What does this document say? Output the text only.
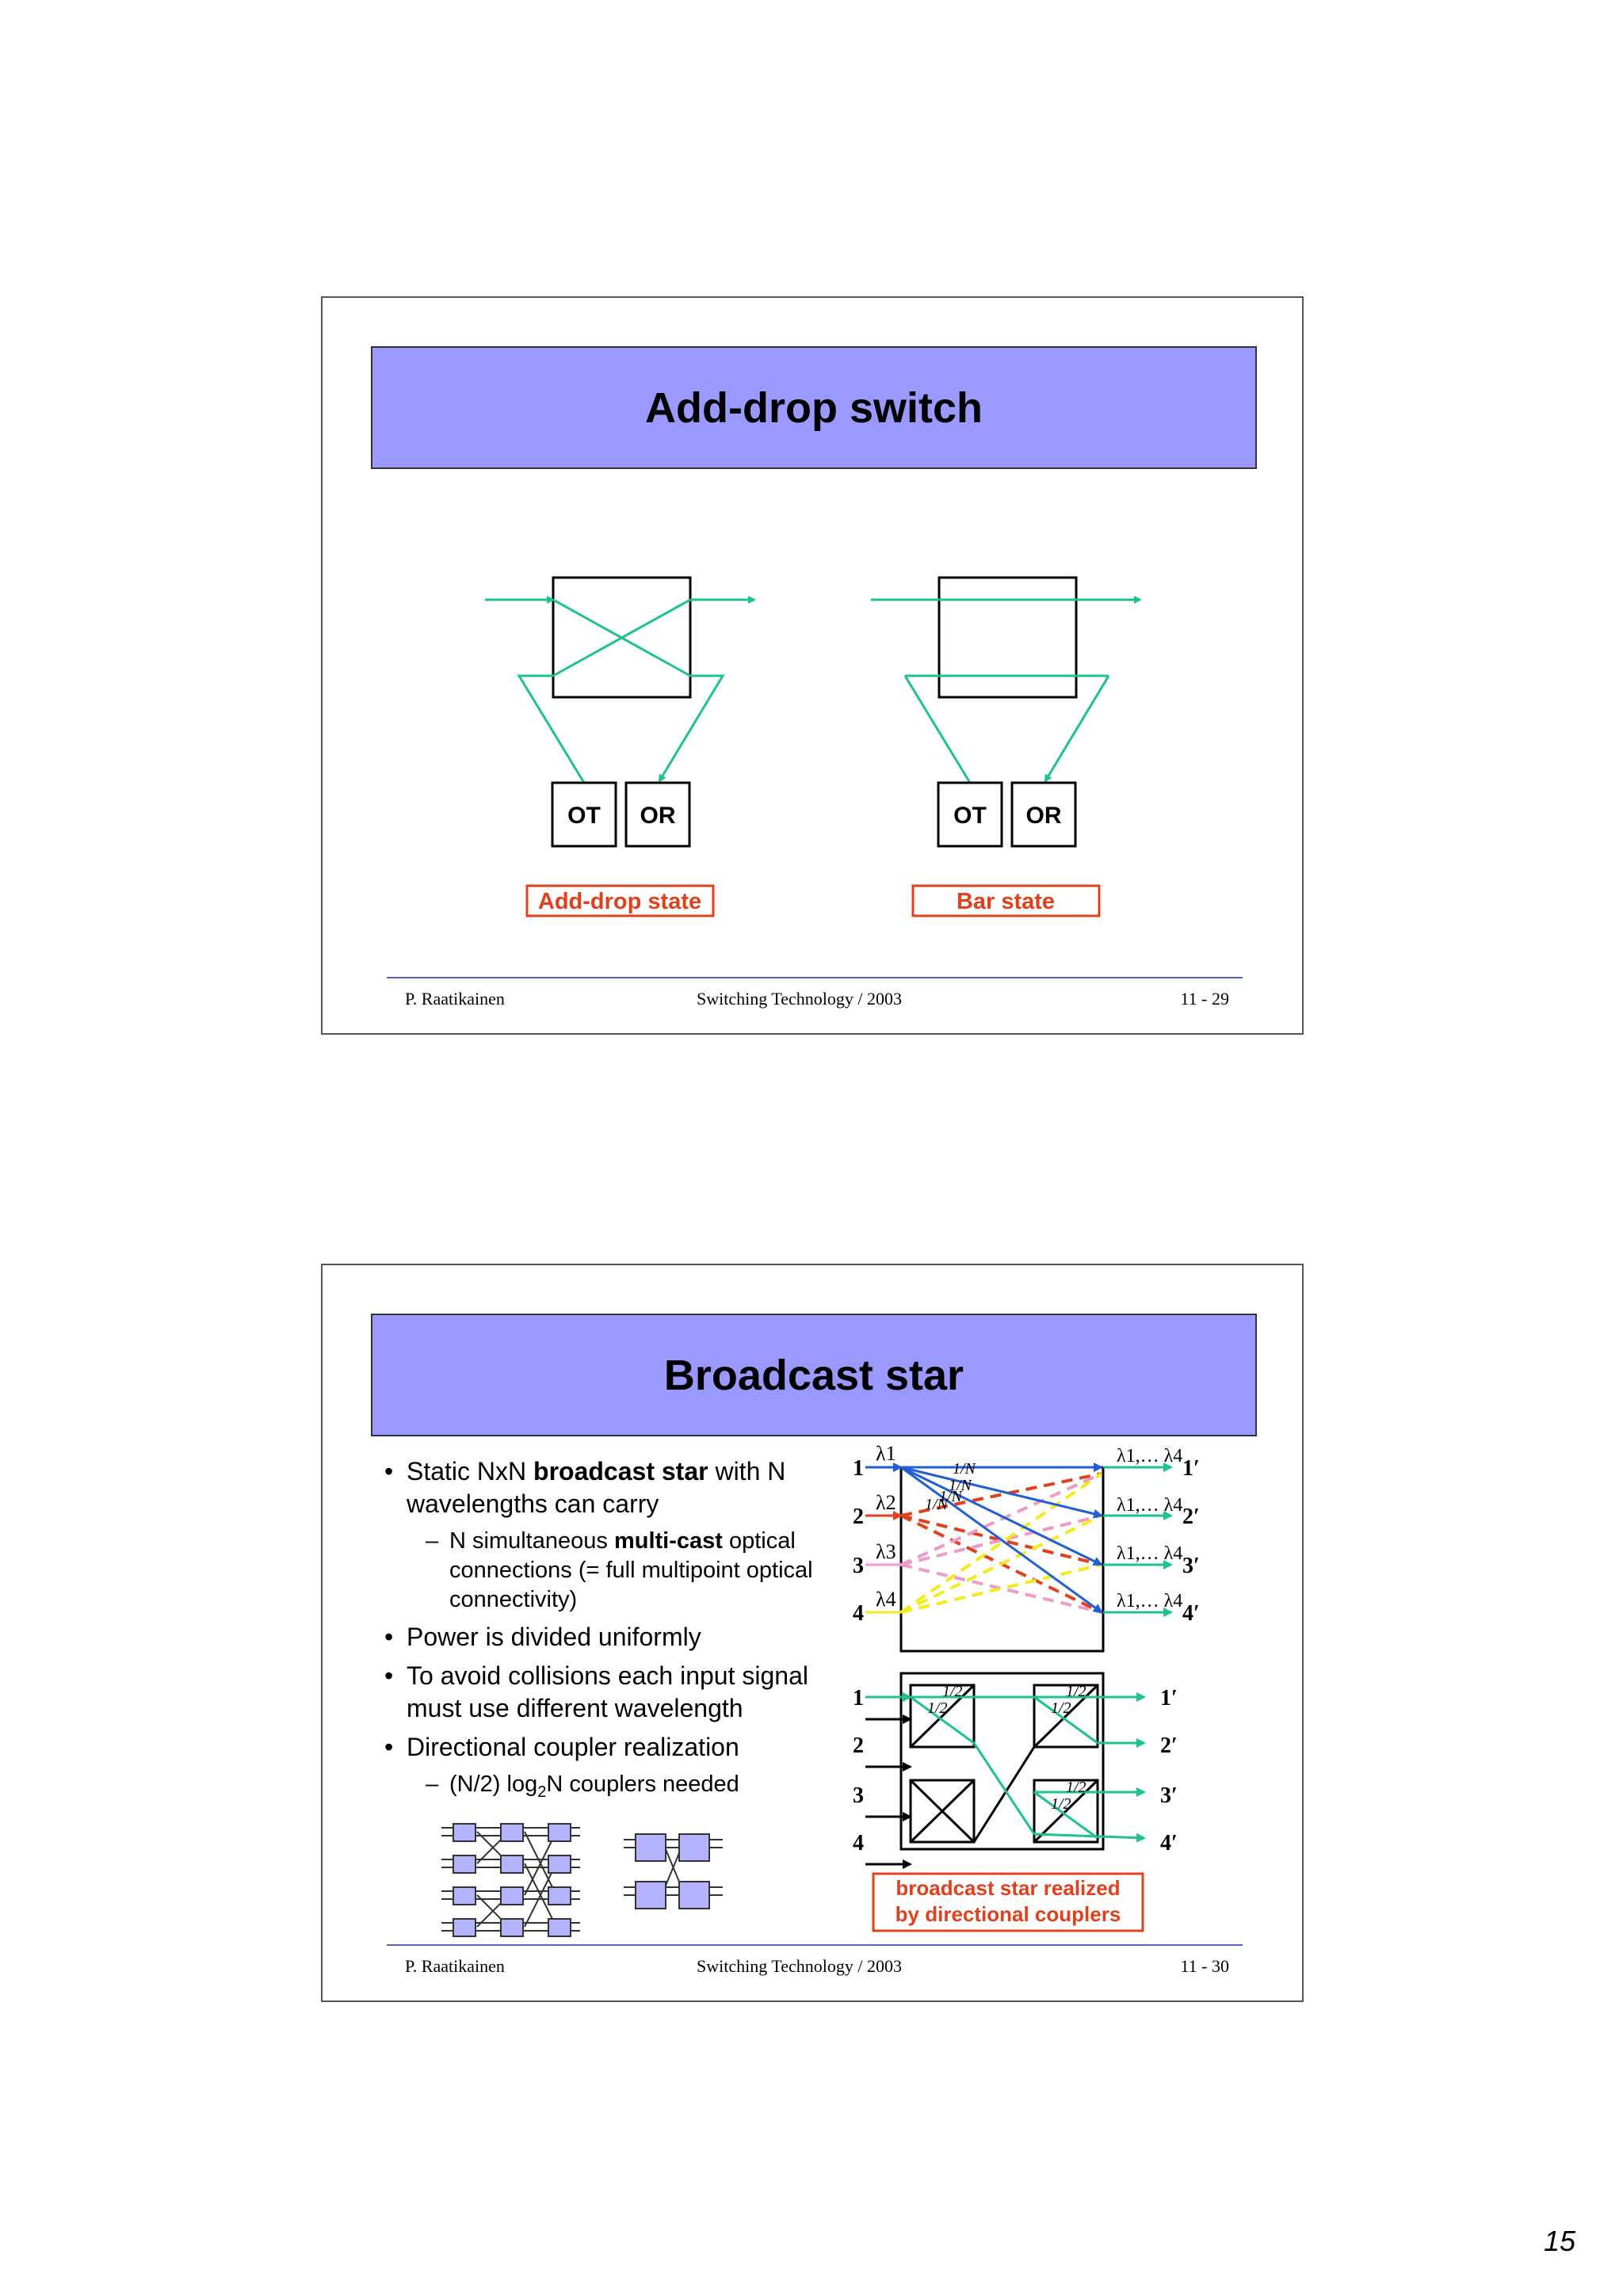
Add-drop switch
OT OR
Add-drop state
OT OR
Bar state
P. Raatikainen	Switching Technology / 2003	11 - 29
Broadcast star
• Static NxN broadcast star with N wavelengths can carry
– N simultaneous multi-cast optical connections (= full multipoint optical connectivity)
• Power is divided uniformly
• To avoid collisions each input signal must use different wavelength
• Directional coupler realization
– (N/2) $\log_2N$ couplers needed
1
2
3
4
λ1
λ2
λ3
λ4
1/N
1/N
1/N
1/N
λ1,… λ4
λ1,… λ4
λ1,… λ4
λ1,… λ4
1′
2′
3′
4′
1/2
1/2
1/2
1/2
1/2
1/2
1
2
3
4
1′
2′
3′
4′
broadcast star realized
by directional couplers
P. Raatikainen	Switching Technology / 2003	11 - 30
15
